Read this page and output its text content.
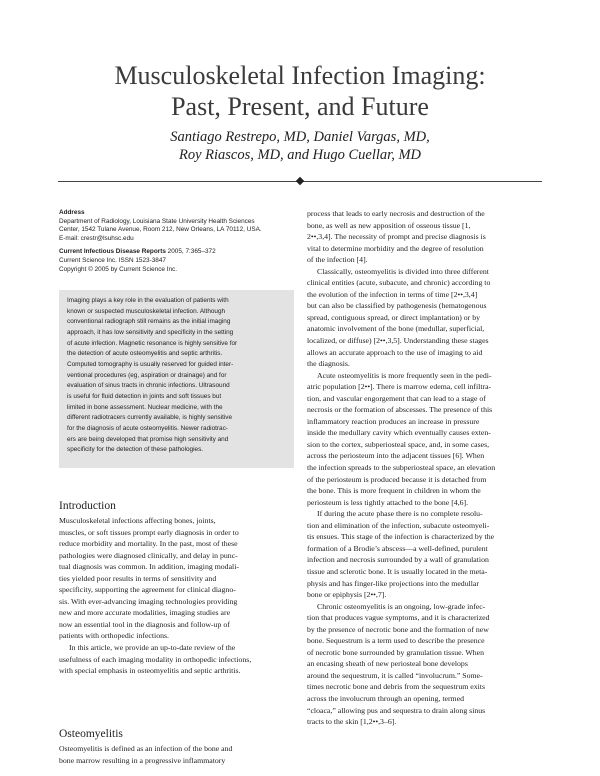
Musculoskeletal Infection Imaging:
Past, Present, and Future
Santiago Restrepo, MD, Daniel Vargas, MD,
Roy Riascos, MD, and Hugo Cuellar, MD
Address
Department of Radiology, Louisiana State University Health Sciences
Center, 1542 Tulane Avenue, Room 212, New Orleans, LA 70112, USA.
E-mail: crestr@lsuhsc.edu
Current Infectious Disease Reports 2005, 7:365–372
Current Science Inc. ISSN 1523-3847
Copyright © 2005 by Current Science Inc.
Imaging plays a key role in the evaluation of patients with
known or suspected musculoskeletal infection. Although
conventional radiograph still remains as the initial imaging
approach, it has low sensitivity and specificity in the setting
of acute infection. Magnetic resonance is highly sensitive for
the detection of acute osteomyelitis and septic arthritis.
Computed tomography is usually reserved for guided inter-
ventional procedures (eg, aspiration or drainage) and for
evaluation of sinus tracts in chronic infections. Ultrasound
is useful for fluid detection in joints and soft tissues but
limited in bone assessment. Nuclear medicine, with the
different radiotracers currently available, is highly sensitive
for the diagnosis of acute osteomyelitis. Newer radiotrac-
ers are being developed that promise high sensitivity and
specificity for the detection of these pathologies.
Introduction
Musculoskeletal infections affecting bones, joints,
muscles, or soft tissues prompt early diagnosis in order to
reduce morbidity and mortality. In the past, most of these
pathologies were diagnosed clinically, and delay in punc-
tual diagnosis was common. In addition, imaging modali-
ties yielded poor results in terms of sensitivity and
specificity, supporting the agreement for clinical diagno-
sis. With ever-advancing imaging technologies providing
new and more accurate modalities, imaging studies are
now an essential tool in the diagnosis and follow-up of
patients with orthopedic infections.
In this article, we provide an up-to-date review of the
usefulness of each imaging modality in orthopedic infections,
with special emphasis in osteomyelitis and septic arthritis.
Osteomyelitis
Osteomyelitis is defined as an infection of the bone and
bone marrow resulting in a progressive inflammatory
process that leads to early necrosis and destruction of the
bone, as well as new apposition of osseous tissue [1,
2••,3,4]. The necessity of prompt and precise diagnosis is
vital to determine morbidity and the degree of resolution
of the infection [4].
Classically, osteomyelitis is divided into three different
clinical entities (acute, subacute, and chronic) according to
the evolution of the infection in terms of time [2••,3,4]
but can also be classified by pathogenesis (hematogenous
spread, contiguous spread, or direct implantation) or by
anatomic involvement of the bone (medullar, superficial,
localized, or diffuse) [2••,3,5]. Understanding these stages
allows an accurate approach to the use of imaging to aid
the diagnosis.
Acute osteomyelitis is more frequently seen in the pedi-
atric population [2••]. There is marrow edema, cell infiltra-
tion, and vascular engorgement that can lead to a stage of
necrosis or the formation of abscesses. The presence of this
inflammatory reaction produces an increase in pressure
inside the medullary cavity which eventually causes exten-
sion to the cortex, subperiosteal space, and, in some cases,
across the periosteum into the adjacent tissues [6]. When
the infection spreads to the subperiosteal space, an elevation
of the periosteum is produced because it is detached from
the bone. This is more frequent in children in whom the
periosteum is less tightly attached to the bone [4,6].
If during the acute phase there is no complete resolu-
tion and elimination of the infection, subacute osteomyeli-
tis ensues. This stage of the infection is characterized by the
formation of a Brodie’s abscess—a well-defined, purulent
infection and necrosis surrounded by a wall of granulation
tissue and sclerotic bone. It is usually located in the meta-
physis and has finger-like projections into the medullar
bone or epiphysis [2••,7].
Chronic osteomyelitis is an ongoing, low-grade infec-
tion that produces vague symptoms, and it is characterized
by the presence of necrotic bone and the formation of new
bone. Sequestrum is a term used to describe the presence
of necrotic bone surrounded by granulation tissue. When
an encasing sheath of new periosteal bone develops
around the sequestrum, it is called “involucrum.” Some-
times necrotic bone and debris from the sequestrum exits
across the involucrum through an opening, termed
“cloaca,” allowing pus and sequestra to drain along sinus
tracts to the skin [1,2••,3–6].
